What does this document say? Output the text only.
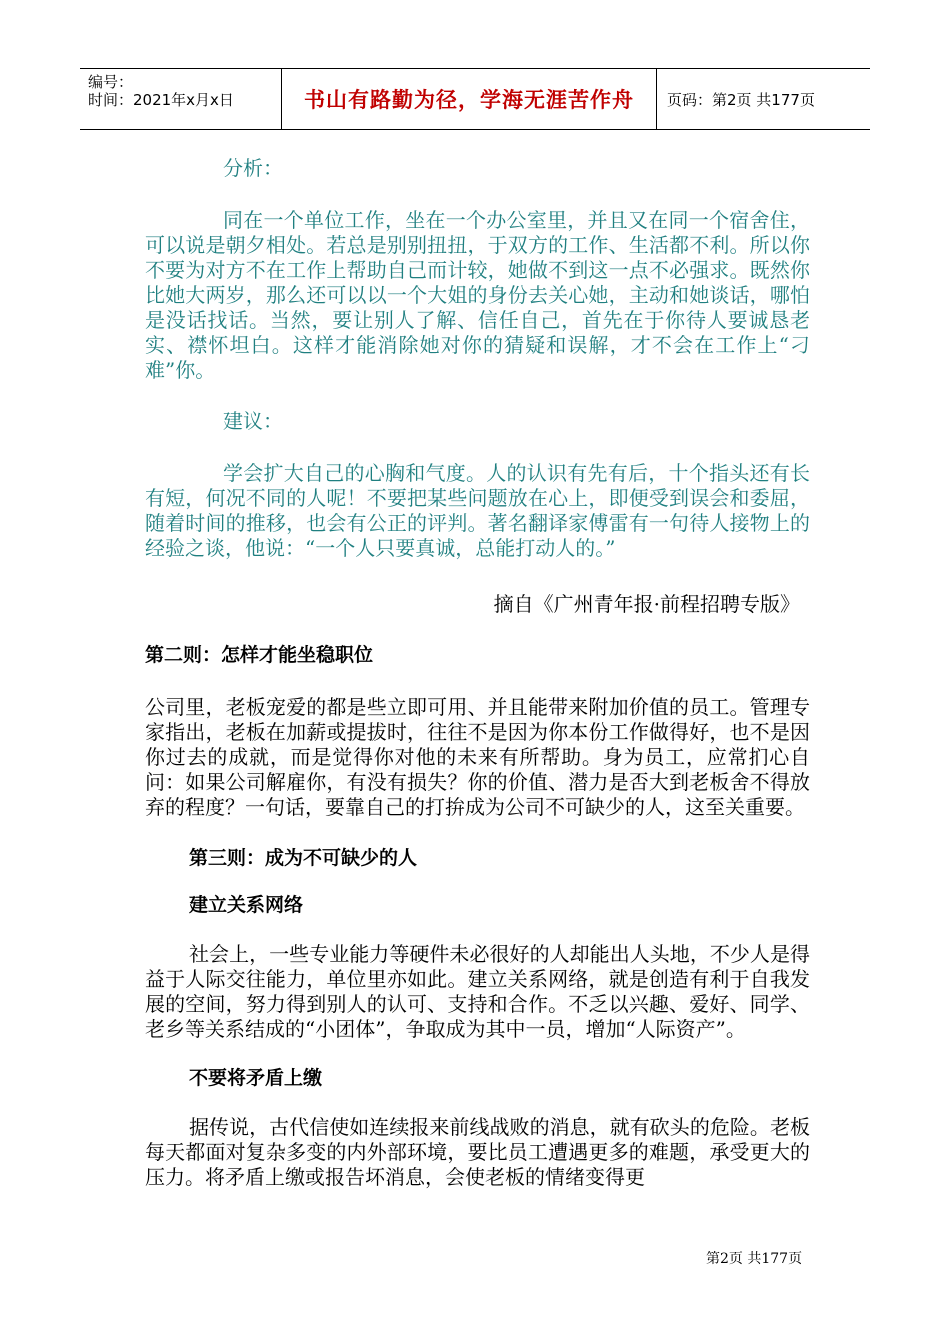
编号：
时间：2021年x月x日	书山有路勤为径，学海无涯苦作舟	页码：第2页 共177页
分析：

同在一个单位工作，坐在一个办公室里，并且又在同一个宿舍住，可以说是朝夕相处。若总是别别扭扭，于双方的工作、生活都不利。所以你不要为对方不在工作上帮助自己而计较，她做不到这一点不必强求。既然你比她大两岁，那么还可以以一个大姐的身份去关心她，主动和她谈话，哪怕是没话找话。当然，要让别人了解、信任自己，首先在于你待人要诚恳老实、襟怀坦白。这样才能消除她对你的猜疑和误解，才不会在工作上“刁难”你。

建议：

学会扩大自己的心胸和气度。人的认识有先有后，十个指头还有长有短，何况不同的人呢！不要把某些问题放在心上，即便受到误会和委屈，随着时间的推移，也会有公正的评判。著名翻译家傅雷有一句待人接物上的经验之谈，他说：“一个人只要真诚，总能打动人的。”

摘自《广州青年报·前程招聘专版》
第二则：怎样才能坐稳职位

公司里，老板宠爱的都是些立即可用、并且能带来附加价值的员工。管理专家指出，老板在加薪或提拔时，往往不是因为你本份工作做得好，也不是因你过去的成就，而是觉得你对他的未来有所帮助。身为员工，应常扪心自问：如果公司解雇你，有没有损失？你的价值、潜力是否大到老板舍不得放弃的程度？一句话，要靠自己的打拚成为公司不可缺少的人，这至关重要。

第三则：成为不可缺少的人
建立关系网络

社会上，一些专业能力等硬件未必很好的人却能出人头地，不少人是得益于人际交往能力，单位里亦如此。建立关系网络，就是创造有利于自我发展的空间，努力得到别人的认可、支持和合作。不乏以兴趣、爱好、同学、老乡等关系结成的“小团体”，争取成为其中一员，增加“人际资产”。

不要将矛盾上缴

据传说，古代信使如连续报来前线战败的消息，就有砍头的危险。老板每天都面对复杂多变的内外部环境，要比员工遭遇更多的难题，承受更大的压力。将矛盾上缴或报告坏消息，会使老板的情绪变得更

第2页 共177页
